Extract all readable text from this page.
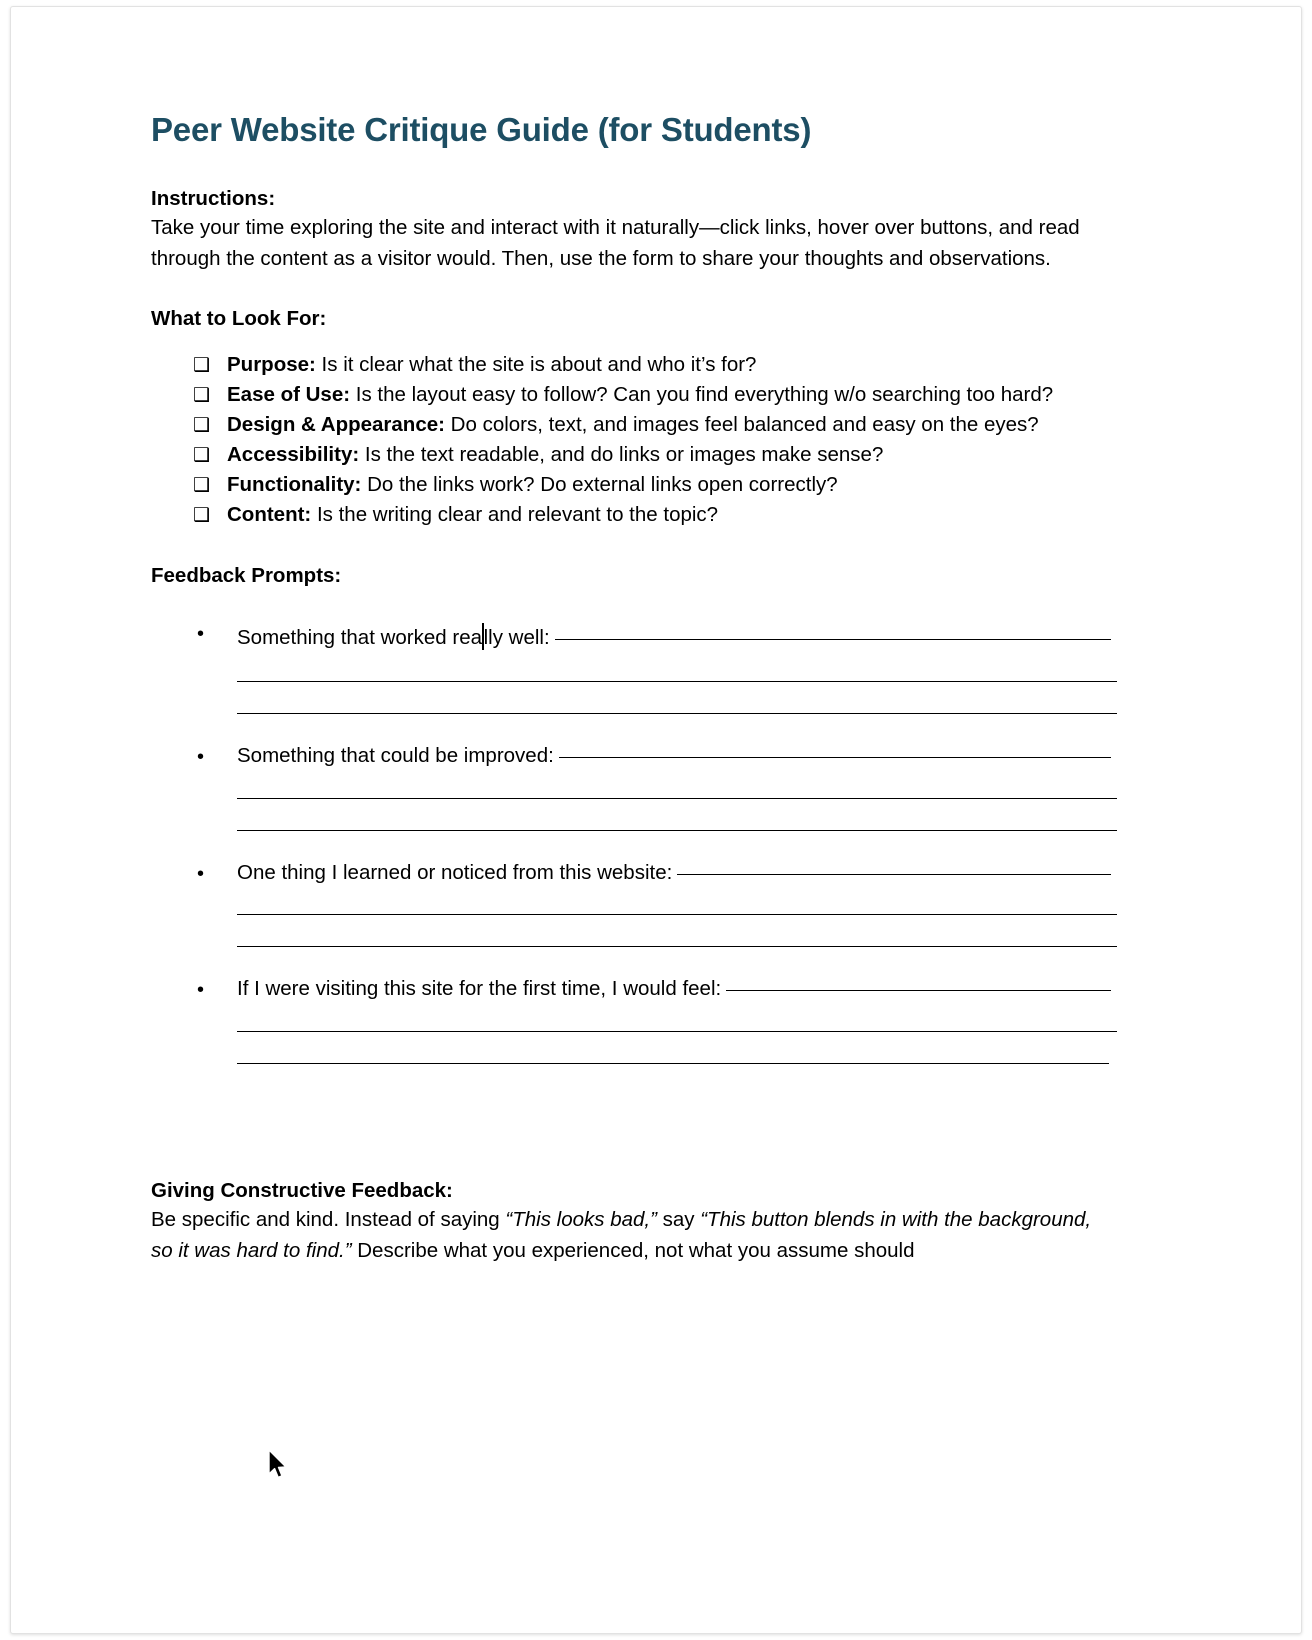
Peer Website Critique Guide (for Students)
Instructions:
Take your time exploring the site and interact with it naturally—click links, hover over buttons, and read through the content as a visitor would. Then, use the form to share your thoughts and observations.
What to Look For:
❑ Purpose: Is it clear what the site is about and who it’s for?
❑ Ease of Use: Is the layout easy to follow? Can you find everything w/o searching too hard?
❑ Design & Appearance: Do colors, text, and images feel balanced and easy on the eyes?
❑ Accessibility: Is the text readable, and do links or images make sense?
❑ Functionality: Do the links work? Do external links open correctly?
❑ Content: Is the writing clear and relevant to the topic?
Feedback Prompts:
• Something that worked really well:
• Something that could be improved:
• One thing I learned or noticed from this website:
• If I were visiting this site for the first time, I would feel:
Giving Constructive Feedback:
Be specific and kind. Instead of saying “This looks bad,” say “This button blends in with the background, so it was hard to find.” Describe what you experienced, not what you assume should
